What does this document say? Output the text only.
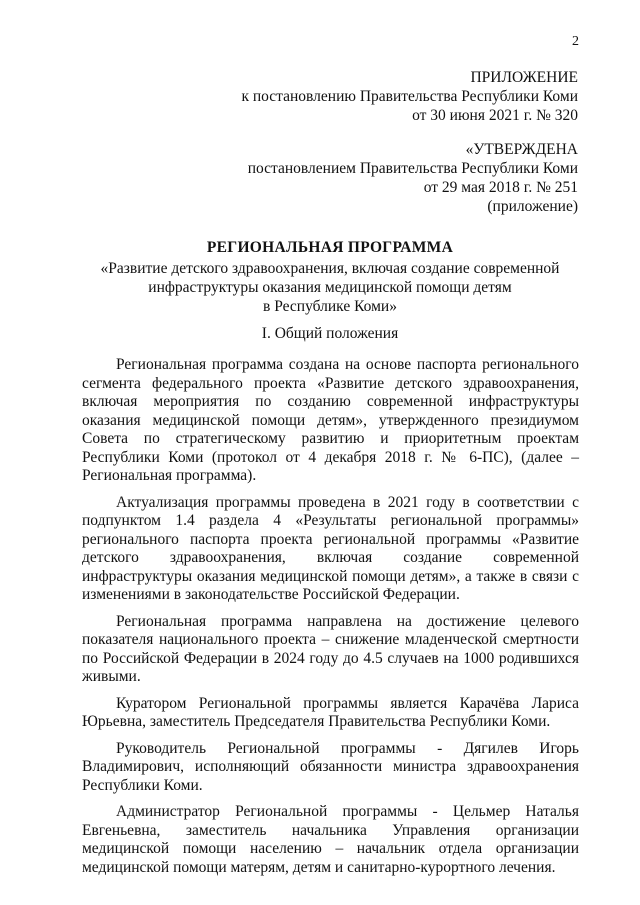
2
ПРИЛОЖЕНИЕ
к постановлению Правительства Республики Коми
от 30 июня 2021 г. № 320
«УТВЕРЖДЕНА
постановлением Правительства Республики Коми
от 29 мая 2018 г. № 251
(приложение)
РЕГИОНАЛЬНАЯ ПРОГРАММА
«Развитие детского здравоохранения, включая создание современной
инфраструктуры оказания медицинской помощи детям
в Республике Коми»
I. Общий положения

Региональная программа создана на основе паспорта регионального сегмента федерального проекта «Развитие детского здравоохранения, включая мероприятия по созданию современной инфраструктуры оказания медицинской помощи детям», утвержденного президиумом Совета по стратегическому развитию и приоритетным проектам Республики Коми (протокол от 4 декабря 2018 г. № 6-ПС), (далее – Региональная программа).

Актуализация программы проведена в 2021 году в соответствии с подпунктом 1.4 раздела 4 «Результаты региональной программы» регионального паспорта проекта региональной программы «Развитие детского здравоохранения, включая создание современной инфраструктуры оказания медицинской помощи детям», а также в связи с изменениями в законодательстве Российской Федерации.

Региональная программа направлена на достижение целевого показателя национального проекта – снижение младенческой смертности по Российской Федерации в 2024 году до 4.5 случаев на 1000 родившихся живыми.

Куратором Региональной программы является Карачёва Лариса Юрьевна, заместитель Председателя Правительства Республики Коми.

Руководитель Региональной программы - Дягилев Игорь Владимирович, исполняющий обязанности министра здравоохранения Республики Коми.

Администратор Региональной программы - Цельмер Наталья Евгеньевна, заместитель начальника Управления организации медицинской помощи населению – начальник отдела организации медицинской помощи матерям, детям и санитарно-курортного лечения.
